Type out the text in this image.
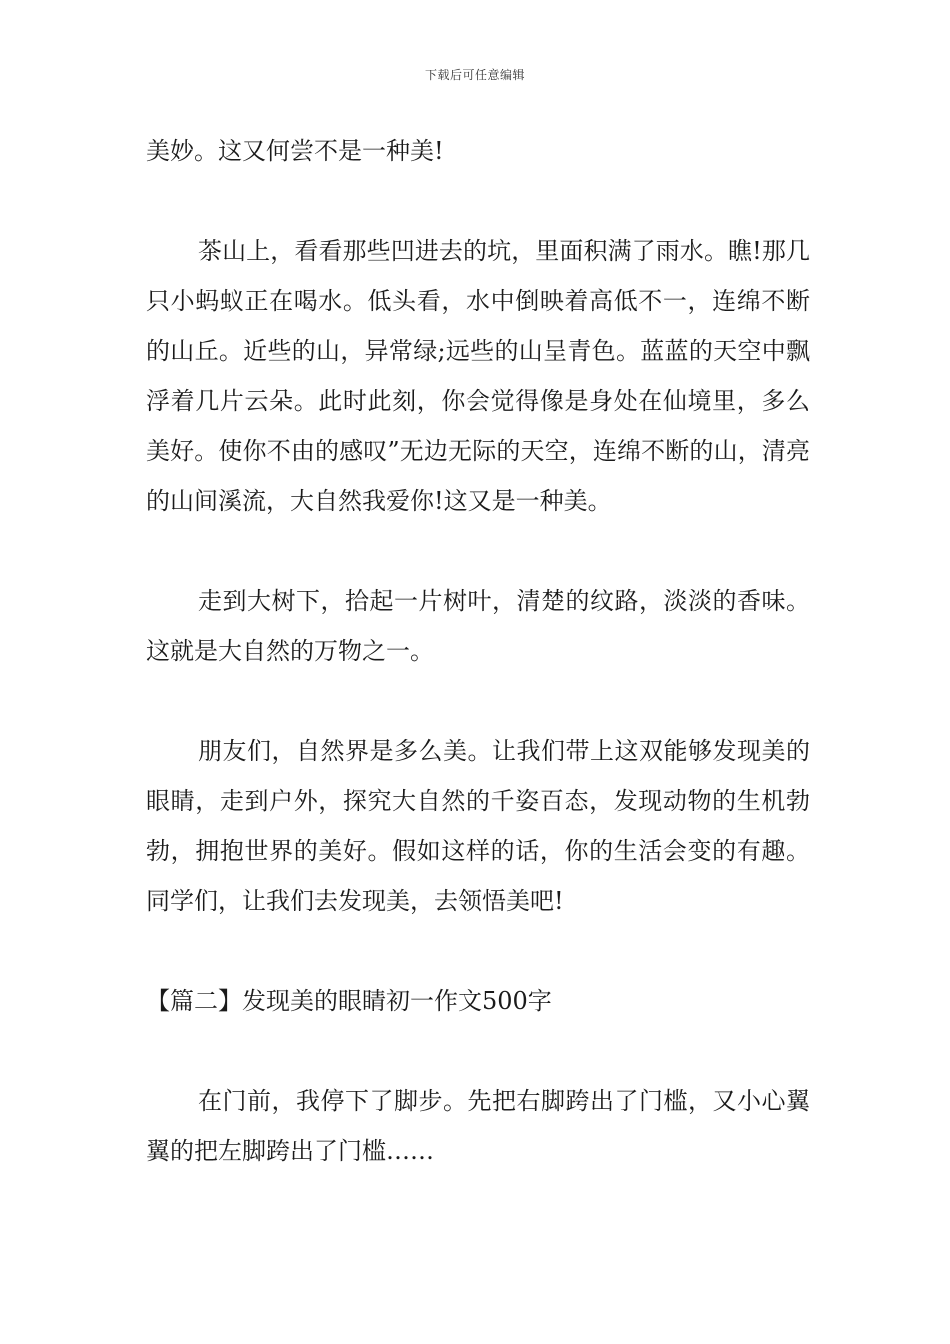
下载后可任意编辑

美妙。这又何尝不是一种美!

茶山上，看看那些凹进去的坑，里面积满了雨水。瞧!那几只小蚂蚁正在喝水。低头看，水中倒映着高低不一，连绵不断的山丘。近些的山，异常绿;远些的山呈青色。蓝蓝的天空中飘浮着几片云朵。此时此刻，你会觉得像是身处在仙境里，多么美好。使你不由的感叹”无边无际的天空，连绵不断的山，清亮的山间溪流，大自然我爱你!这又是一种美。

走到大树下，拾起一片树叶，清楚的纹路，淡淡的香味。这就是大自然的万物之一。

朋友们，自然界是多么美。让我们带上这双能够发现美的眼睛，走到户外，探究大自然的千姿百态，发现动物的生机勃勃，拥抱世界的美好。假如这样的话，你的生活会变的有趣。同学们，让我们去发现美，去领悟美吧!

【篇二】发现美的眼睛初一作文500字

在门前，我停下了脚步。先把右脚跨出了门槛，又小心翼翼的把左脚跨出了门槛……
